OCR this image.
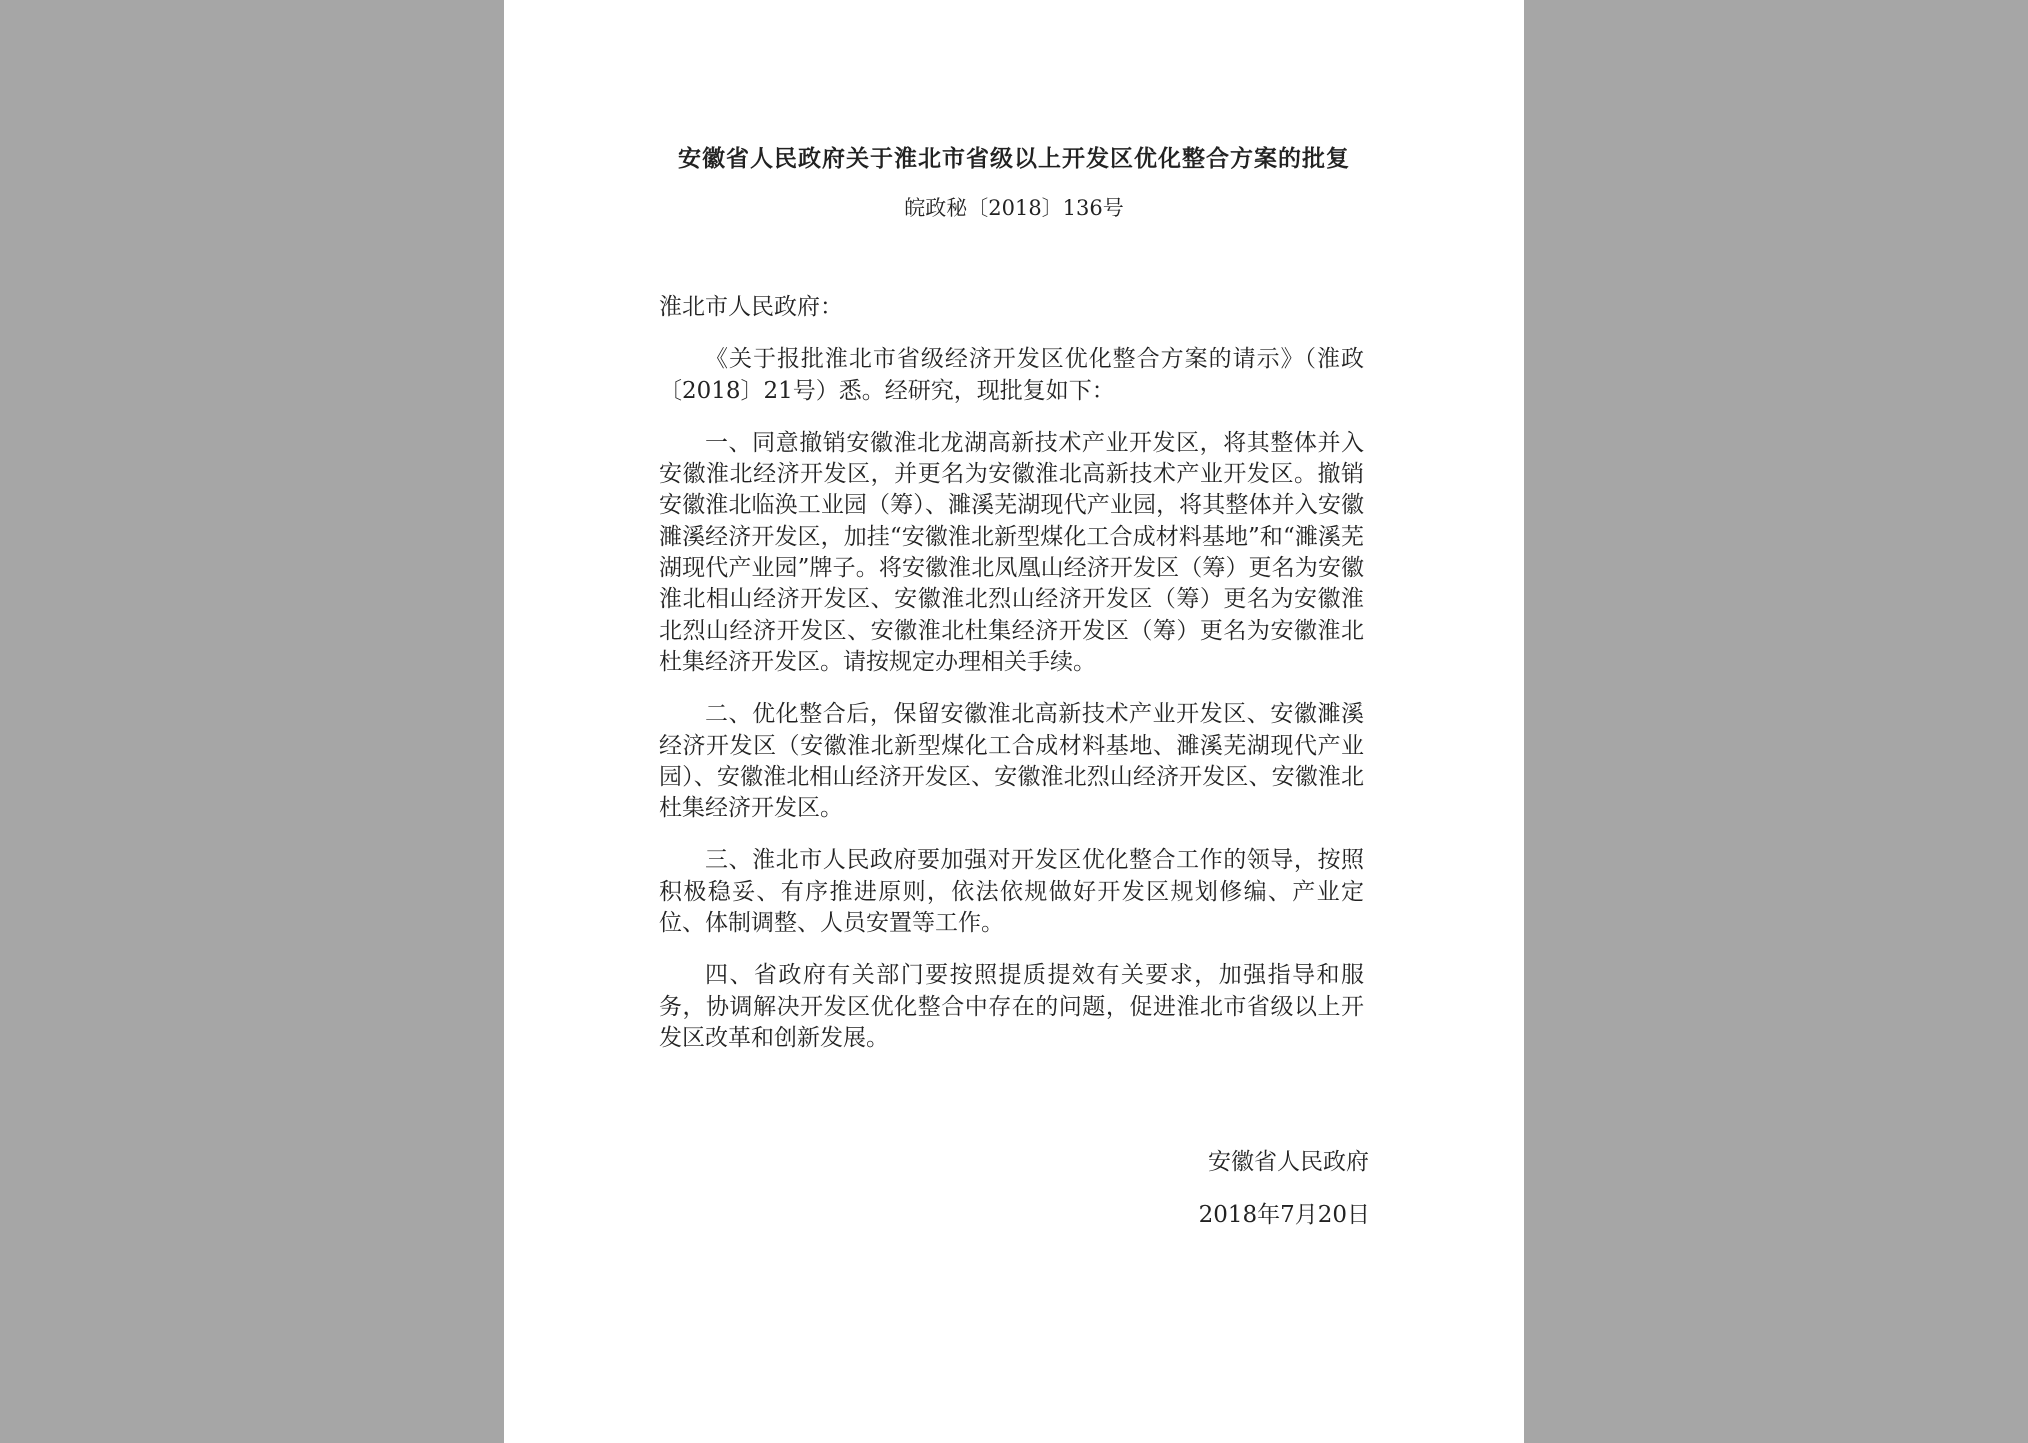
安徽省人民政府关于淮北市省级以上开发区优化整合方案的批复
皖政秘〔2018〕136号

淮北市人民政府：

《关于报批淮北市省级经济开发区优化整合方案的请示》（淮政〔2018〕21号）悉。经研究，现批复如下：

一、同意撤销安徽淮北龙湖高新技术产业开发区，将其整体并入安徽淮北经济开发区，并更名为安徽淮北高新技术产业开发区。撤销安徽淮北临涣工业园（筹）、濉溪芜湖现代产业园，将其整体并入安徽濉溪经济开发区，加挂“安徽淮北新型煤化工合成材料基地”和“濉溪芜湖现代产业园”牌子。将安徽淮北凤凰山经济开发区（筹）更名为安徽淮北相山经济开发区、安徽淮北烈山经济开发区（筹）更名为安徽淮北烈山经济开发区、安徽淮北杜集经济开发区（筹）更名为安徽淮北杜集经济开发区。请按规定办理相关手续。

二、优化整合后，保留安徽淮北高新技术产业开发区、安徽濉溪经济开发区（安徽淮北新型煤化工合成材料基地、濉溪芜湖现代产业园）、安徽淮北相山经济开发区、安徽淮北烈山经济开发区、安徽淮北杜集经济开发区。

三、淮北市人民政府要加强对开发区优化整合工作的领导，按照积极稳妥、有序推进原则，依法依规做好开发区规划修编、产业定位、体制调整、人员安置等工作。

四、省政府有关部门要按照提质提效有关要求，加强指导和服务，协调解决开发区优化整合中存在的问题，促进淮北市省级以上开发区改革和创新发展。

安徽省人民政府
2018年7月20日
